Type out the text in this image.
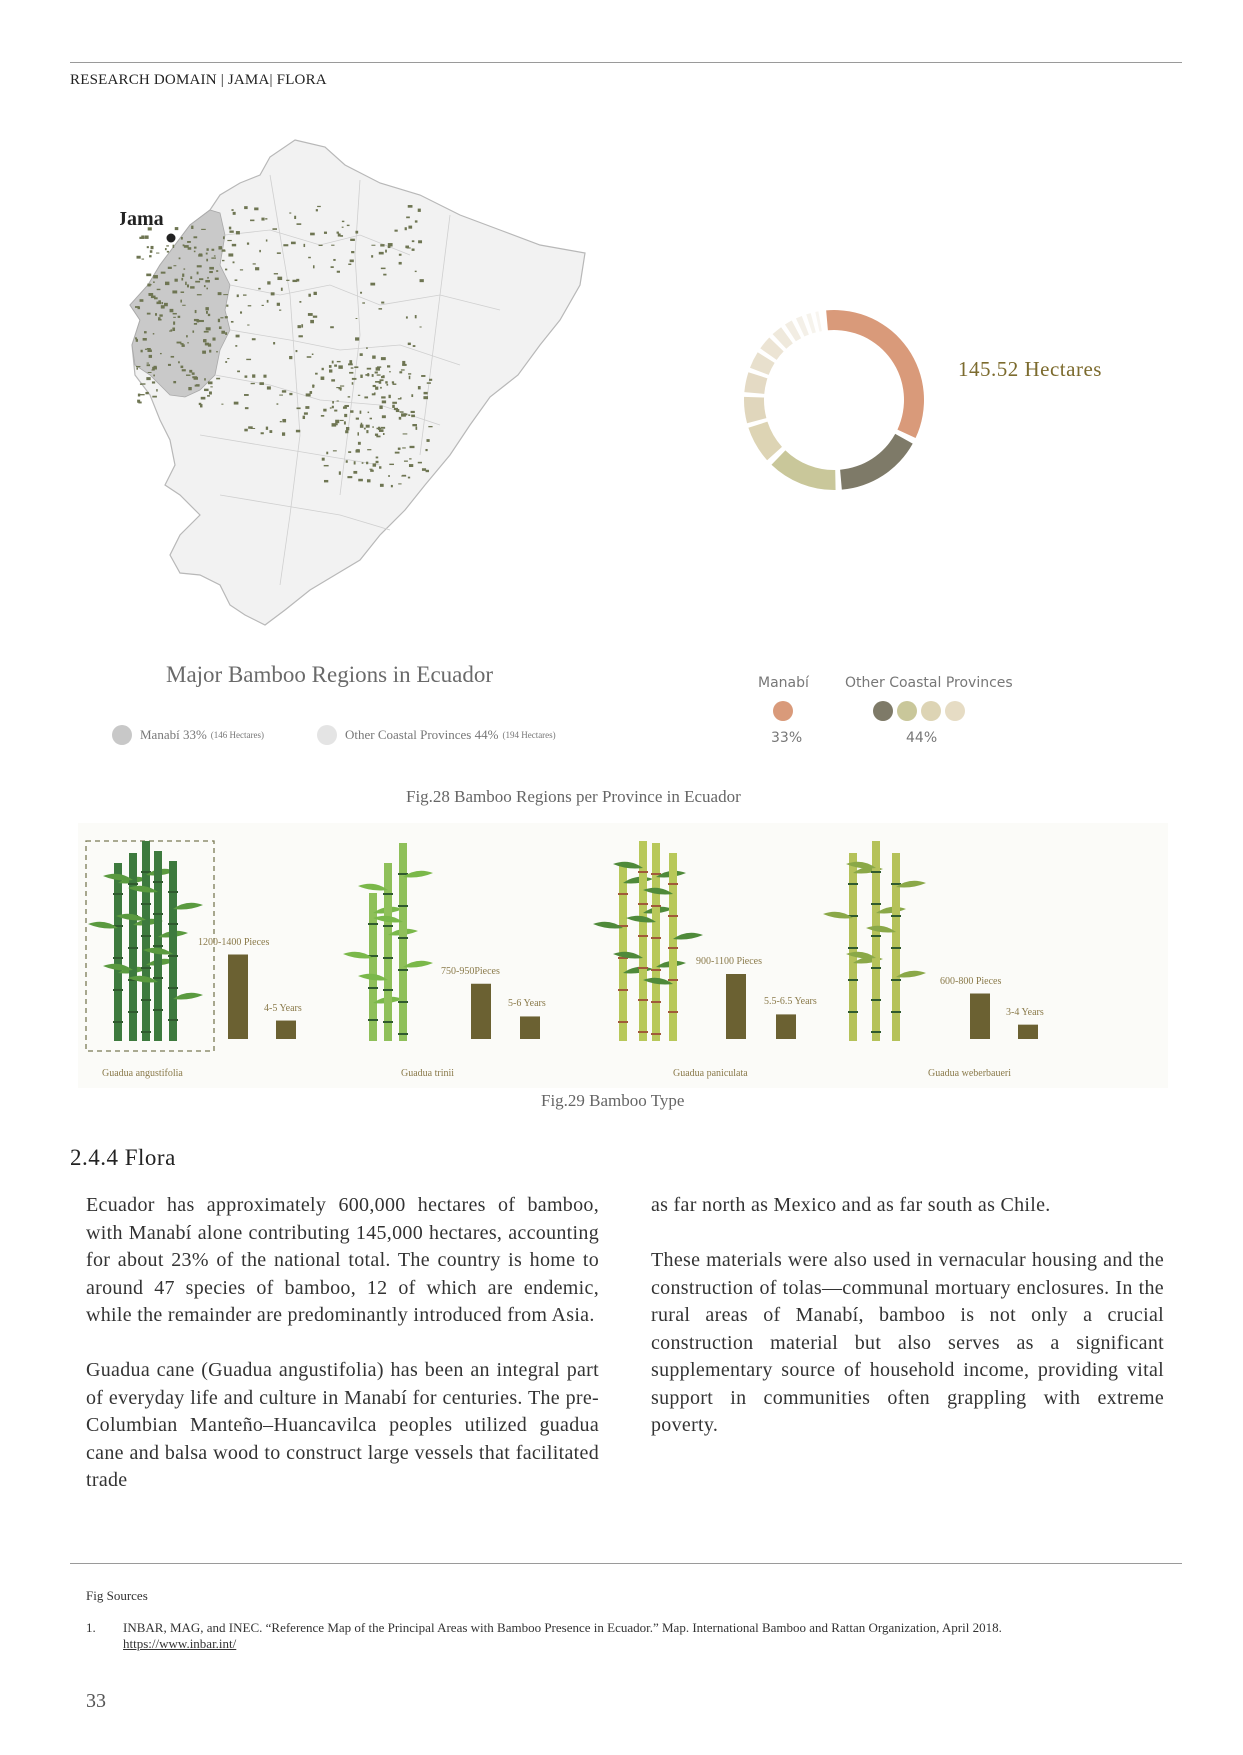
RESEARCH DOMAIN | JAMA| FLORA
Jama
Major Bamboo Regions in Ecuador
Manabí 33% (146 Hectares)	Other Coastal Provinces 44% (194 Hectares)
145.52 Hectares
Manabí	Other Coastal Provinces
33%	44%
Fig.28 Bamboo Regions per Province in Ecuador
Guadua angustifolia	Guadua trinii	Guadua paniculata	Guadua weberbaueri
1200-1400 Pieces
4-5 Years
750-950Pieces
5-6 Years
900-1100 Pieces
5.5-6.5 Years
600-800 Pieces
3-4 Years
Fig.29 Bamboo Type
2.4.4 Flora

Ecuador has approximately 600,000 hectares of bamboo, with Manabí alone contributing 145,000 hectares, accounting for about 23% of the national total. The country is home to around 47 species of bamboo, 12 of which are endemic, while the remainder are predominantly introduced from Asia.

Guadua cane (Guadua angustifolia) has been an integral part of everyday life and culture in Manabí for centuries. The pre-Columbian Manteño–Huancavilca peoples utilized guadua cane and balsa wood to construct large vessels that facilitated trade

as far north as Mexico and as far south as Chile.

These materials were also used in vernacular housing and the construction of tolas—communal mortuary enclosures. In the rural areas of Manabí, bamboo is not only a crucial construction material but also serves as a significant supplementary source of household income, providing vital support in communities often grappling with extreme poverty.

Fig Sources
1. INBAR, MAG, and INEC. “Reference Map of the Principal Areas with Bamboo Presence in Ecuador.” Map. International Bamboo and Rattan Organization, April 2018.
https://www.inbar.int/
33
